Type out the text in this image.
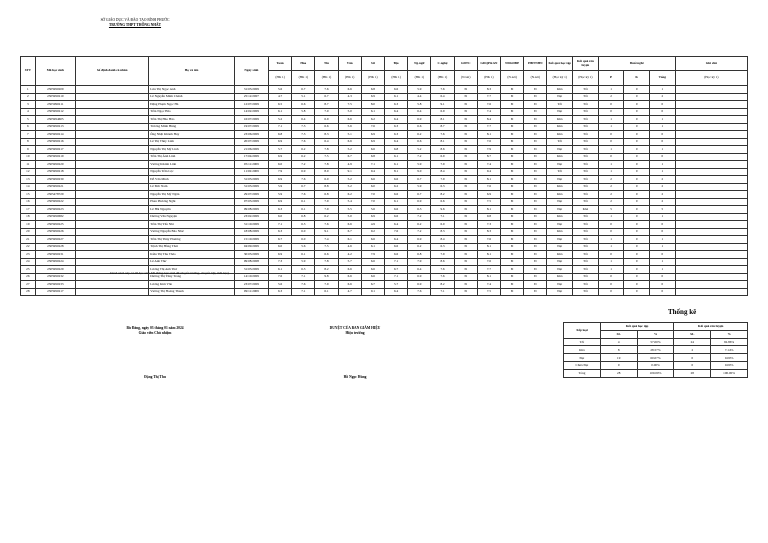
SỞ GIÁO DỤC VÀ ĐÀO TẠO BÌNH PHƯỚC
TRƯỜNG THPT THỐNG NHẤT
STT	Mã học sinh	Số định danh cá nhân	Họ và tên	Ngày sinh	Toán	Hóa	Tin	Văn	Sử	Địa	Ng.ngữ	C.nghệ	GDTC	GDQP&AN	NDGDĐP	HĐTNHN	Kết quả học tập	Kết quả rèn luyện	Buổi nghỉ			Ghi chú
																			P	K	Tổng	
					(HK 1)	(HK 1)	(HK 1)	(HK 1)	(HK 1)	(HK 1)	(HK 1)	(HK 1)	(N.xét)	(HK 1)	(N.xét)	(N.xét)	(Học kỳ 1)	(Học kỳ 1)				(Học kỳ 1)
1	2305990209		Lưu Thị Ngọc Anh	31/03/2009	5.6	6.7	7.6	6.6	6.8	6.6	5.9	7.6	Đ	8.3	Đ	Đ	Khá	Tốt	1	0	1	
2	2305990210		Lê Nguyễn Minh Chánh	25/12/2007	4.7	5.1	6.7	4.3	6.9	6.1	4.4	6.4	Đ	7.7	Đ	Đ	Đạt	Tốt	2	0	2	
3	2305990211		Đặng Phạm Ngọc Hà	12/07/2009	6.5	6.6	8.7	7.5	8.0	6.3	5.8	9.1	Đ	7.6	Đ	Đ	Tốt	Tốt	0	0	0	
4	2305990212		Trần Ngọc Hảo	14/02/2009	6.1	5.8	7.0	5.0	6.1	6.4	6.4	6.9	Đ	7.4	Đ	Đ	Đạt	Tốt	0	0	0	
5	2305994605		Trần Thị Hảo Hảo	16/07/2009	5.2	6.4	6.9	6.6	6.2	6.4	6.9	8.1	Đ	8.4	Đ	Đ	Khá	Tốt	1	0	1	
6	2305990213		Trương Minh Hùng	19/07/2009	7.1	7.3	6.6	5.6	7.6	6.3	6.6	8.7	Đ	7.7	Đ	Đ	Khá	Tốt	1	0	1	
7	2305990214		Ông Nhật Khánh Huy	23/06/2009	6.8	7.3	8.3	5.1	6.9	6.3	6.2	7.6	Đ	8.1	Đ	Đ	Khá	Tốt	0	0	0	
8	2305990216		Lê Thị Thùy Linh	20/07/2009	6.9	7.6	6.4	6.6	6.9	6.4	6.6	8.1	Đ	7.6	Đ	Đ	Tốt	Tốt	0	0	0	
9	2305990217		Nguyễn Thị Mỹ Linh	21/06/2009	5.7	6.2	7.8	5.2	6.6	6.8	5.2	8.6	Đ	7.9	Đ	Đ	Đạt	Tốt	1	0	1	
10	2305990219		Trần Thị Ánh Linh	17/04/2009	6.9	6.2	7.5	6.7	6.8	6.1	7.2	6.9	Đ	8.7	Đ	Đ	Khá	Tốt	0	0	0	
11	2305990220		Vương Khánh Linh	05/11/2009	6.0	7.2	7.8	4.9	7.1	6.1	5.9	7.9	Đ	7.4	Đ	Đ	Đạt	Tốt	1	0	1	
12	2305990218		Nguyễn Trần Lộc	11/02/2009	7.9	6.9	8.0	9.1	9.4	8.1	9.0	8.4	Đ	9.4	Đ	Đ	Tốt	Tốt	1	0	1	
13	2305990230		Đỗ Văn Minh	31/03/2009	6.9	7.6	6.0	5.2	6.6	6.6	6.7	7.9	Đ	8.1	Đ	Đ	Đạt	Tốt	2	0	2	
14	2305990221		Lê Đức Nam	31/03/2009	5.9	6.7	8.8	5.2	6.0	6.2	5.9	6.3	Đ	7.6	Đ	Đ	Khá	Tốt	2	0	2	
15	2305478729		Nguyễn Thị Mỹ Ngân	29/07/2009	5.9	7.6	6.8	6.2	7.0	6.6	6.7	8.2	Đ	6.9	Đ	Đ	Khá	Tốt	2	0	2	
16	2305990222		Phan Phương Nghi	07/03/2009	6.9	6.1	7.9	5.4	7.0	6.1	6.9	6.6	Đ	7.5	Đ	Đ	Đạt	Tốt	2	0	2	
17	2305990223		Lê Hải Nguyên	09/08/2009	6.3	6.1	7.9	5.5	5.6	6.6	6.3	9.6	Đ	8.1	Đ	Đ	Đạt	Khá	5	0	5	
18	2305990682		Dương Văn Nguyện	23/02/2009	6.0	6.8	6.2	5.0	6.9	6.6	7.2	7.1	Đ	9.8	Đ	Đ	Khá	Tốt	1	0	1	
19	2305990225		Trần Thị Yến Nhi	31/10/2009	7.1	6.3	7.6	6.6	4.9	6.4	6.2	6.0	Đ	7.3	Đ	Đ	Đạt	Tốt	0	0	0	
20	2305990226		Vương Nguyễn Bảo Như	18/08/2009	6.3	6.0	9.1	6.7	9.2	7.6	7.2	8.3	Đ	8.3	Đ	Đ	Khá	Tốt	0	0	0	
21	2305990227		Trần Thị Thủy Phương	15/10/2009	6.7	6.0	7.4	6.1	6.6	6.4	6.9	8.4	Đ	7.6	Đ	Đ	Đạt	Tốt	1	0	1	
22	2305990228		Trịnh Thị Hồng Thái	04/09/2009	6.0	5.6	7.5	4.6	6.1	6.6	6.2	6.3	Đ	8.1	Đ	Đ	Đạt	Tốt	1	0	1	
23	2305990231		Kiều Thị Thu Thảo	30/03/2009	6.9	6.1	6.6	4.2	7.9	6.6	6.8	7.9	Đ	8.1	Đ	Đ	Khá	Tốt	0	0	0	
24	2305990224		Lê Anh Thư	09/08/2008	7.3	5.9	7.8	5.7	6.6	7.1	7.9	8.6	Đ	7.6	Đ	Đ	Đạt	Tốt	1	0	1	
25	2305990229		Lương Thị Anh Thư	31/03/2009	6.1	6.3	8.2	6.6	6.6	6.7	6.4	7.6	Đ	7.7	Đ	Đ	Đạt	Tốt	1	0	1	
26	2305990232		Dương Thị Thùy Trang	14/10/2009	7.6	7.1	9.8	6.6	6.6	7.1	6.9	7.6	Đ	8.1	Đ	Đ	Khá	Tốt	0	0	0	
27	2305990233		Lương Kim Vân	23/07/2009	5.6	7.6	7.9	6.6	6.7	5.7	6.9	8.2	Đ	7.4	Đ	Đ	Đạt	Tốt	0	0	0	
28	2305990217		Vương Thị Hoàng Thanh	09/11/2009	6.3	7.1	6.1	4.7	9.1	6.4	7.6	7.1	Đ	7.5	Đ	Đ	Đạt	Tốt	0	0	0	
Danh sách này có 28 học sinh bởi thông học sinh đã chuyển trường, chuyển lớp, thôi học)
Bù Đăng, ngày 03 tháng 01 năm 2024
Giáo viên Chủ nhiệm
Đặng Thị Thu
DUYỆT CỦA BAN GIÁM HIỆU
Hiệu trưởng
Hồ Ngọc Hùng
Thống kê
Xếp loại	Kết quả học tập		Kết quả rèn luyện	
	SL	%	SL	%
Tốt	4	57.00%	24	92.86%
Khá	8	28.57%	2	7.14%
Đạt	19	60.07%	0	0.00%
Chưa Đạt	0	0.00%	0	0.00%
Tổng	28	100.00%	28	100.00%
